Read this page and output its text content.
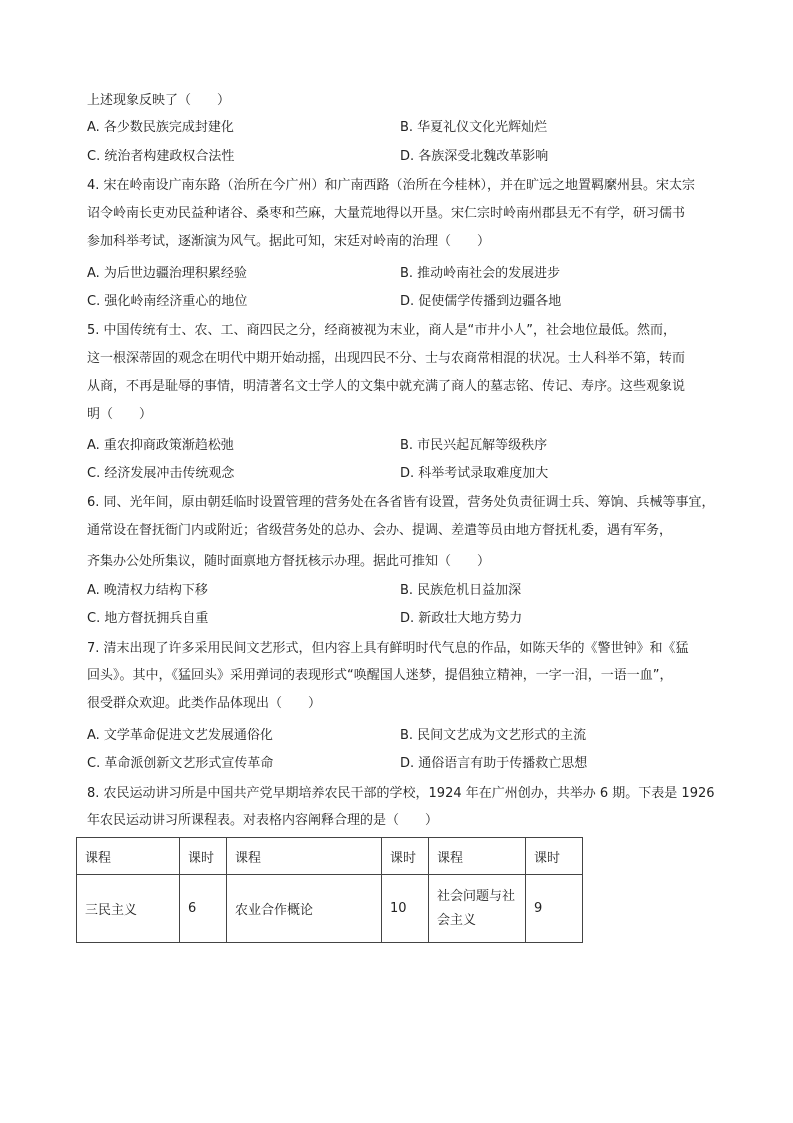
上述现象反映了（　　）
A. 各少数民族完成封建化	B. 华夏礼仪文化光辉灿烂
C. 统治者构建政权合法性	D. 各族深受北魏改革影响
4. 宋在岭南设广南东路（治所在今广州）和广南西路（治所在今桂林），并在旷远之地置羁縻州县。宋太宗
诏令岭南长吏劝民益种诸谷、桑枣和苎麻，大量荒地得以开垦。宋仁宗时岭南州郡县无不有学，研习儒书
参加科举考试，逐渐演为风气。据此可知，宋廷对岭南的治理（　　）
A. 为后世边疆治理积累经验	B. 推动岭南社会的发展进步
C. 强化岭南经济重心的地位	D. 促使儒学传播到边疆各地
5. 中国传统有士、农、工、商四民之分，经商被视为末业，商人是“市井小人”，社会地位最低。然而，
这一根深蒂固的观念在明代中期开始动摇，出现四民不分、士与农商常相混的状况。士人科举不第，转而
从商，不再是耻辱的事情，明清著名文士学人的文集中就充满了商人的墓志铭、传记、寿序。这些观象说
明（　　）
A. 重农抑商政策渐趋松弛	B. 市民兴起瓦解等级秩序
C. 经济发展冲击传统观念	D. 科举考试录取难度加大
6. 同、光年间，原由朝廷临时设置管理的营务处在各省皆有设置，营务处负责征调士兵、筹饷、兵械等事宜，
通常设在督抚衙门内或附近；省级营务处的总办、会办、提调、差遣等员由地方督抚札委，遇有军务，
齐集办公处所集议，随时面禀地方督抚核示办理。据此可推知（　　）
A. 晚清权力结构下移	B. 民族危机日益加深
C. 地方督抚拥兵自重	D. 新政壮大地方势力
7. 清末出现了许多采用民间文艺形式，但内容上具有鲜明时代气息的作品，如陈天华的《警世钟》和《猛
回头》。其中，《猛回头》采用弹词的表现形式“唤醒国人迷梦，提倡独立精神，一字一泪，一语一血”，
很受群众欢迎。此类作品体现出（　　）
A. 文学革命促进文艺发展通俗化	B. 民间文艺成为文艺形式的主流
C. 革命派创新文艺形式宣传革命	D. 通俗语言有助于传播救亡思想
8. 农民运动讲习所是中国共产党早期培养农民干部的学校，1924 年在广州创办，共举办 6 期。下表是 1926
年农民运动讲习所课程表。对表格内容阐释合理的是（　　）
课程	课时	课程	课时	课程	课时
三民主义	6	农业合作概论	10	社会问题与社会主义	9
